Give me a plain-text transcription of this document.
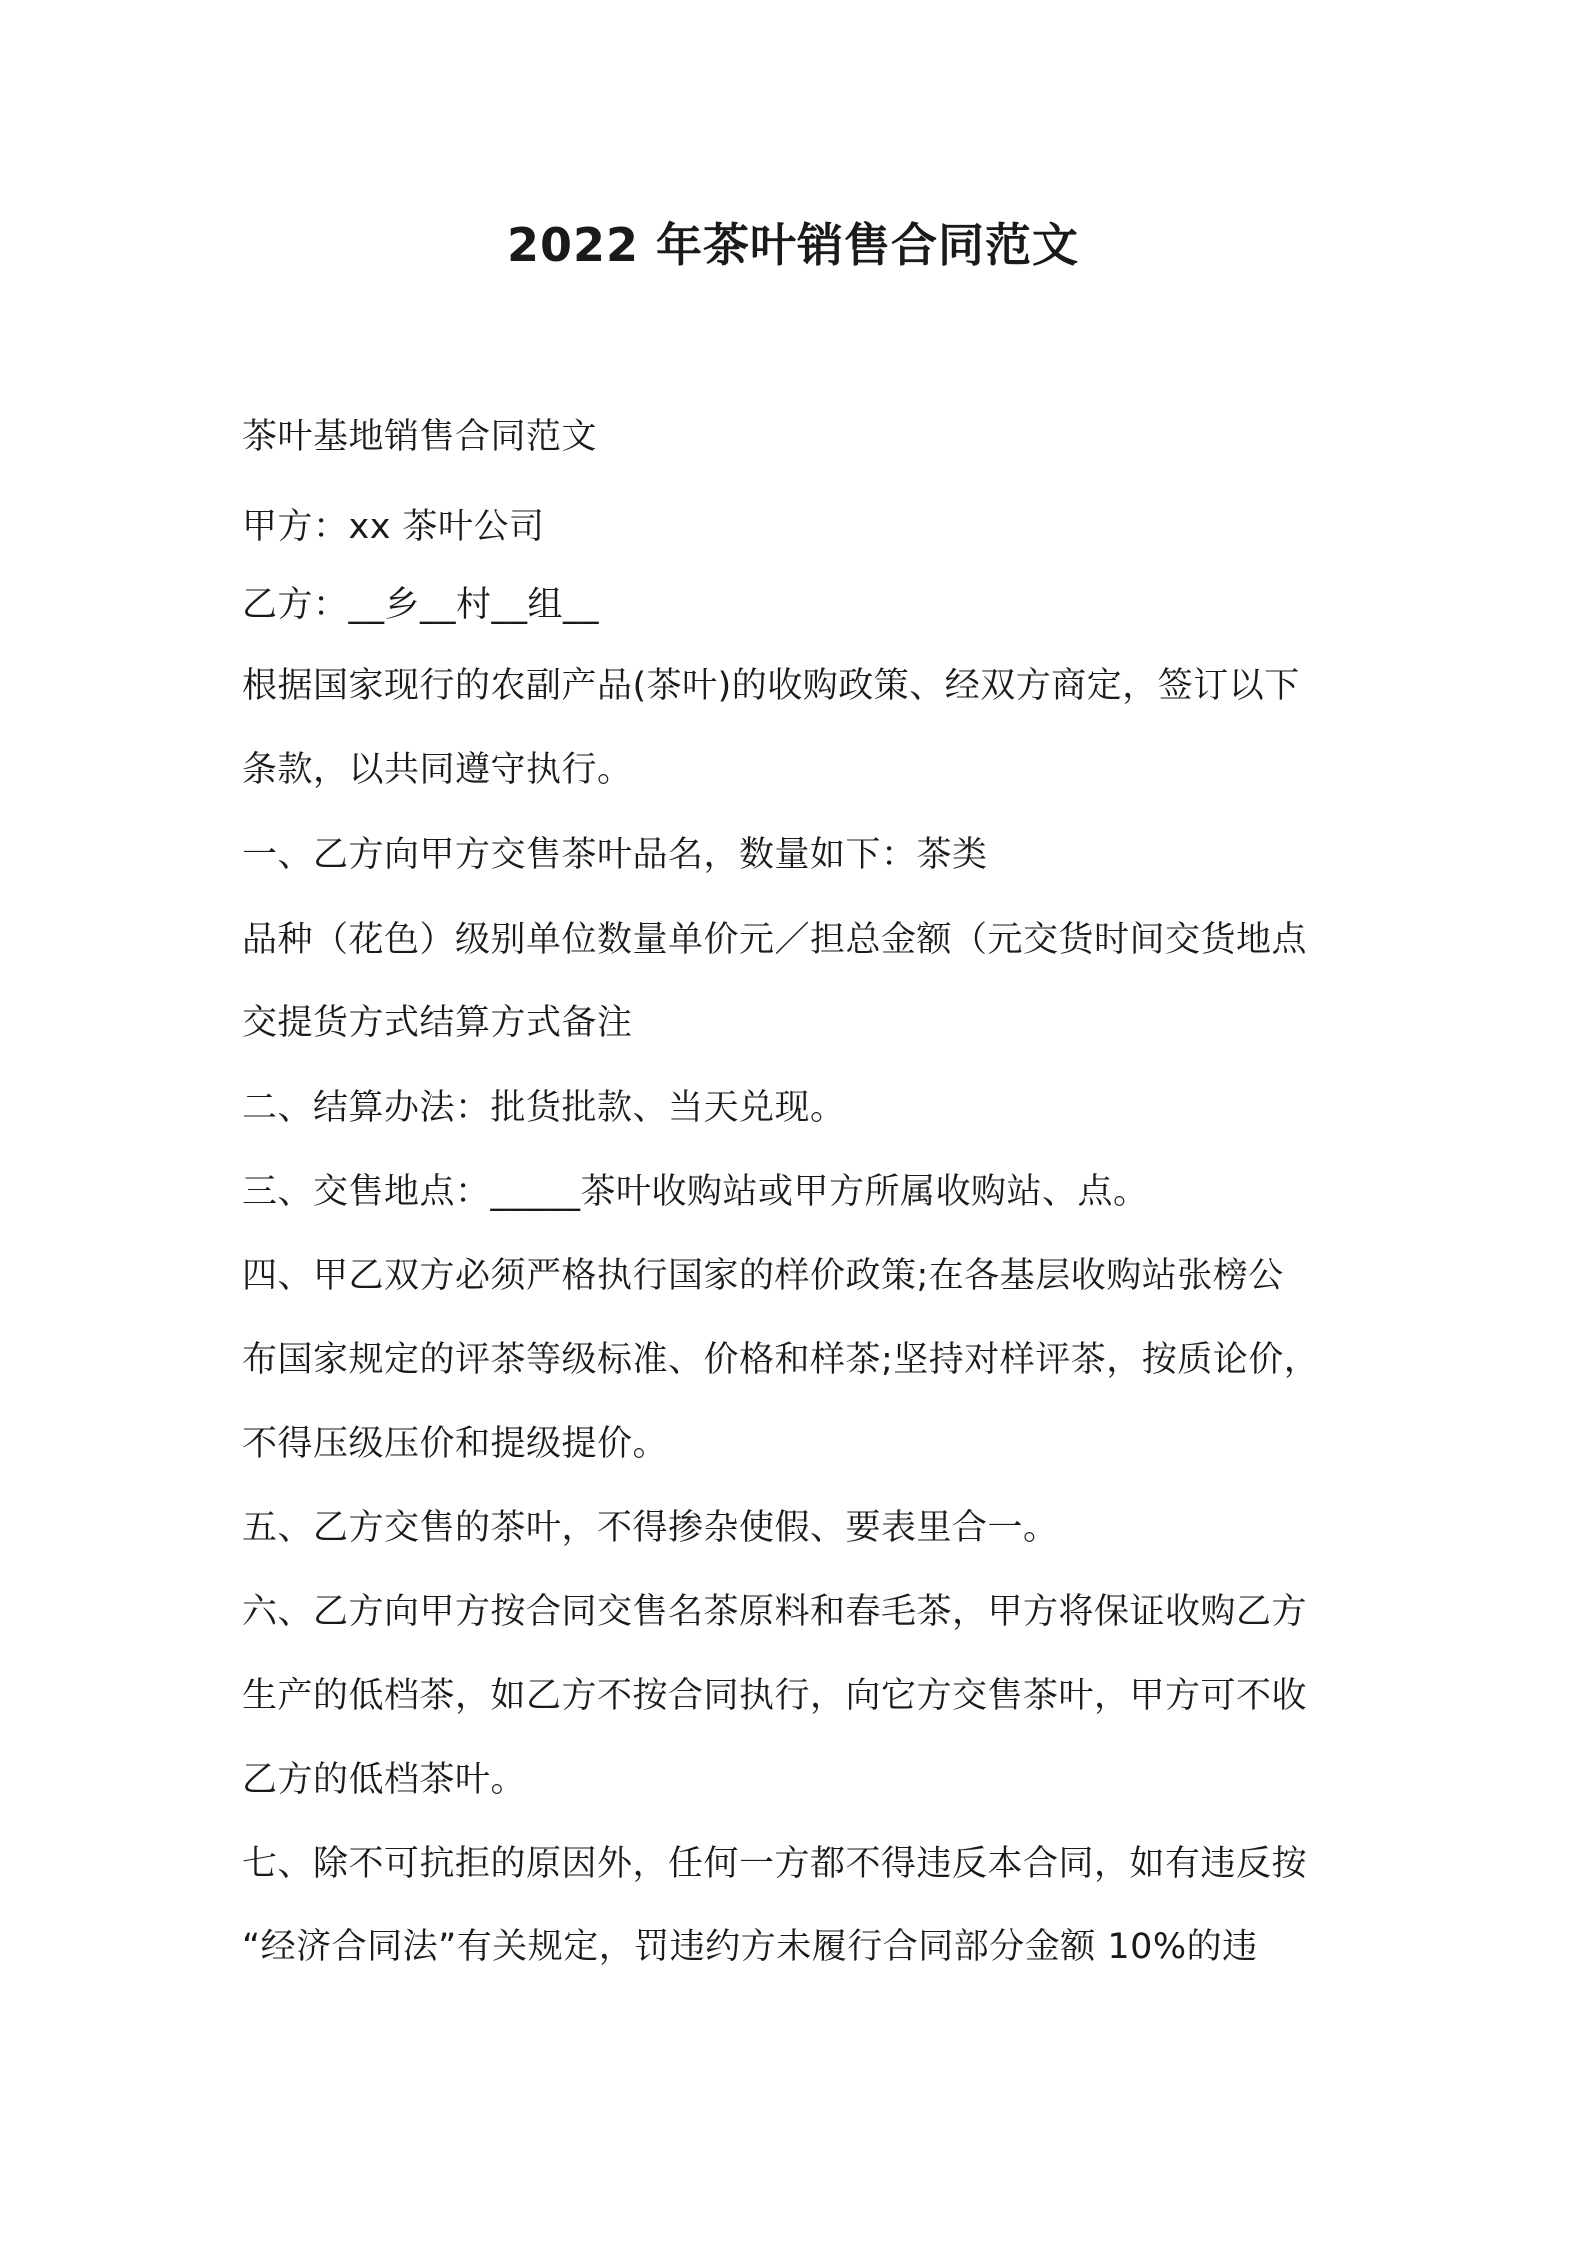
2022 年茶叶销售合同范文
茶叶基地销售合同范文
甲方：xx 茶叶公司
乙方：__乡__村__组__
根据国家现行的农副产品(茶叶)的收购政策、经双方商定，签订以下
条款，以共同遵守执行。
一、乙方向甲方交售茶叶品名，数量如下：茶类
品种（花色）级别单位数量单价元／担总金额（元交货时间交货地点
交提货方式结算方式备注
二、结算办法：批货批款、当天兑现。
三、交售地点：_____茶叶收购站或甲方所属收购站、点。
四、甲乙双方必须严格执行国家的样价政策;在各基层收购站张榜公
布国家规定的评茶等级标准、价格和样茶;坚持对样评茶，按质论价，
不得压级压价和提级提价。
五、乙方交售的茶叶，不得掺杂使假、要表里合一。
六、乙方向甲方按合同交售名茶原料和春毛茶，甲方将保证收购乙方
生产的低档茶，如乙方不按合同执行，向它方交售茶叶，甲方可不收
乙方的低档茶叶。
七、除不可抗拒的原因外，任何一方都不得违反本合同，如有违反按
“经济合同法”有关规定，罚违约方未履行合同部分金额 10%的违
